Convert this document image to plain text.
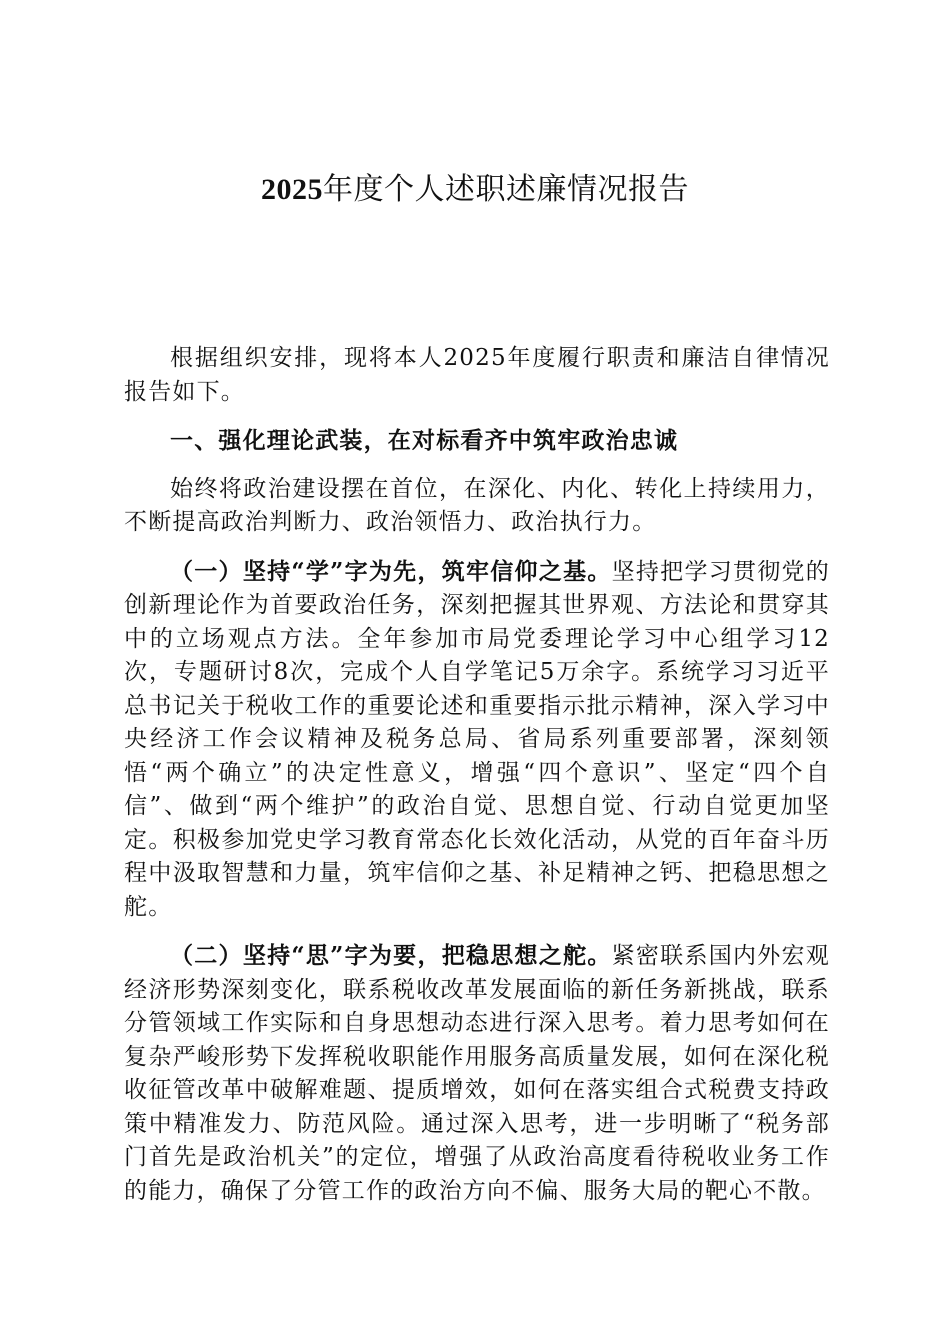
2025年度个人述职述廉情况报告

根据组织安排，现将本人2025年度履行职责和廉洁自律情况报告如下。

一、强化理论武装，在对标看齐中筑牢政治忠诚

始终将政治建设摆在首位，在深化、内化、转化上持续用力，不断提高政治判断力、政治领悟力、政治执行力。

（一）坚持“学”字为先，筑牢信仰之基。坚持把学习贯彻党的创新理论作为首要政治任务，深刻把握其世界观、方法论和贯穿其中的立场观点方法。全年参加市局党委理论学习中心组学习12次，专题研讨8次，完成个人自学笔记5万余字。系统学习习近平总书记关于税收工作的重要论述和重要指示批示精神，深入学习中央经济工作会议精神及税务总局、省局系列重要部署，深刻领悟“两个确立”的决定性意义，增强“四个意识”、坚定“四个自信”、做到“两个维护”的政治自觉、思想自觉、行动自觉更加坚定。积极参加党史学习教育常态化长效化活动，从党的百年奋斗历程中汲取智慧和力量，筑牢信仰之基、补足精神之钙、把稳思想之舵。

（二）坚持“思”字为要，把稳思想之舵。紧密联系国内外宏观经济形势深刻变化，联系税收改革发展面临的新任务新挑战，联系分管领域工作实际和自身思想动态进行深入思考。着力思考如何在复杂严峻形势下发挥税收职能作用服务高质量发展，如何在深化税收征管改革中破解难题、提质增效，如何在落实组合式税费支持政策中精准发力、防范风险。通过深入思考，进一步明晰了“税务部门首先是政治机关”的定位，增强了从政治高度看待税收业务工作的能力，确保了分管工作的政治方向不偏、服务大局的靶心不散。
